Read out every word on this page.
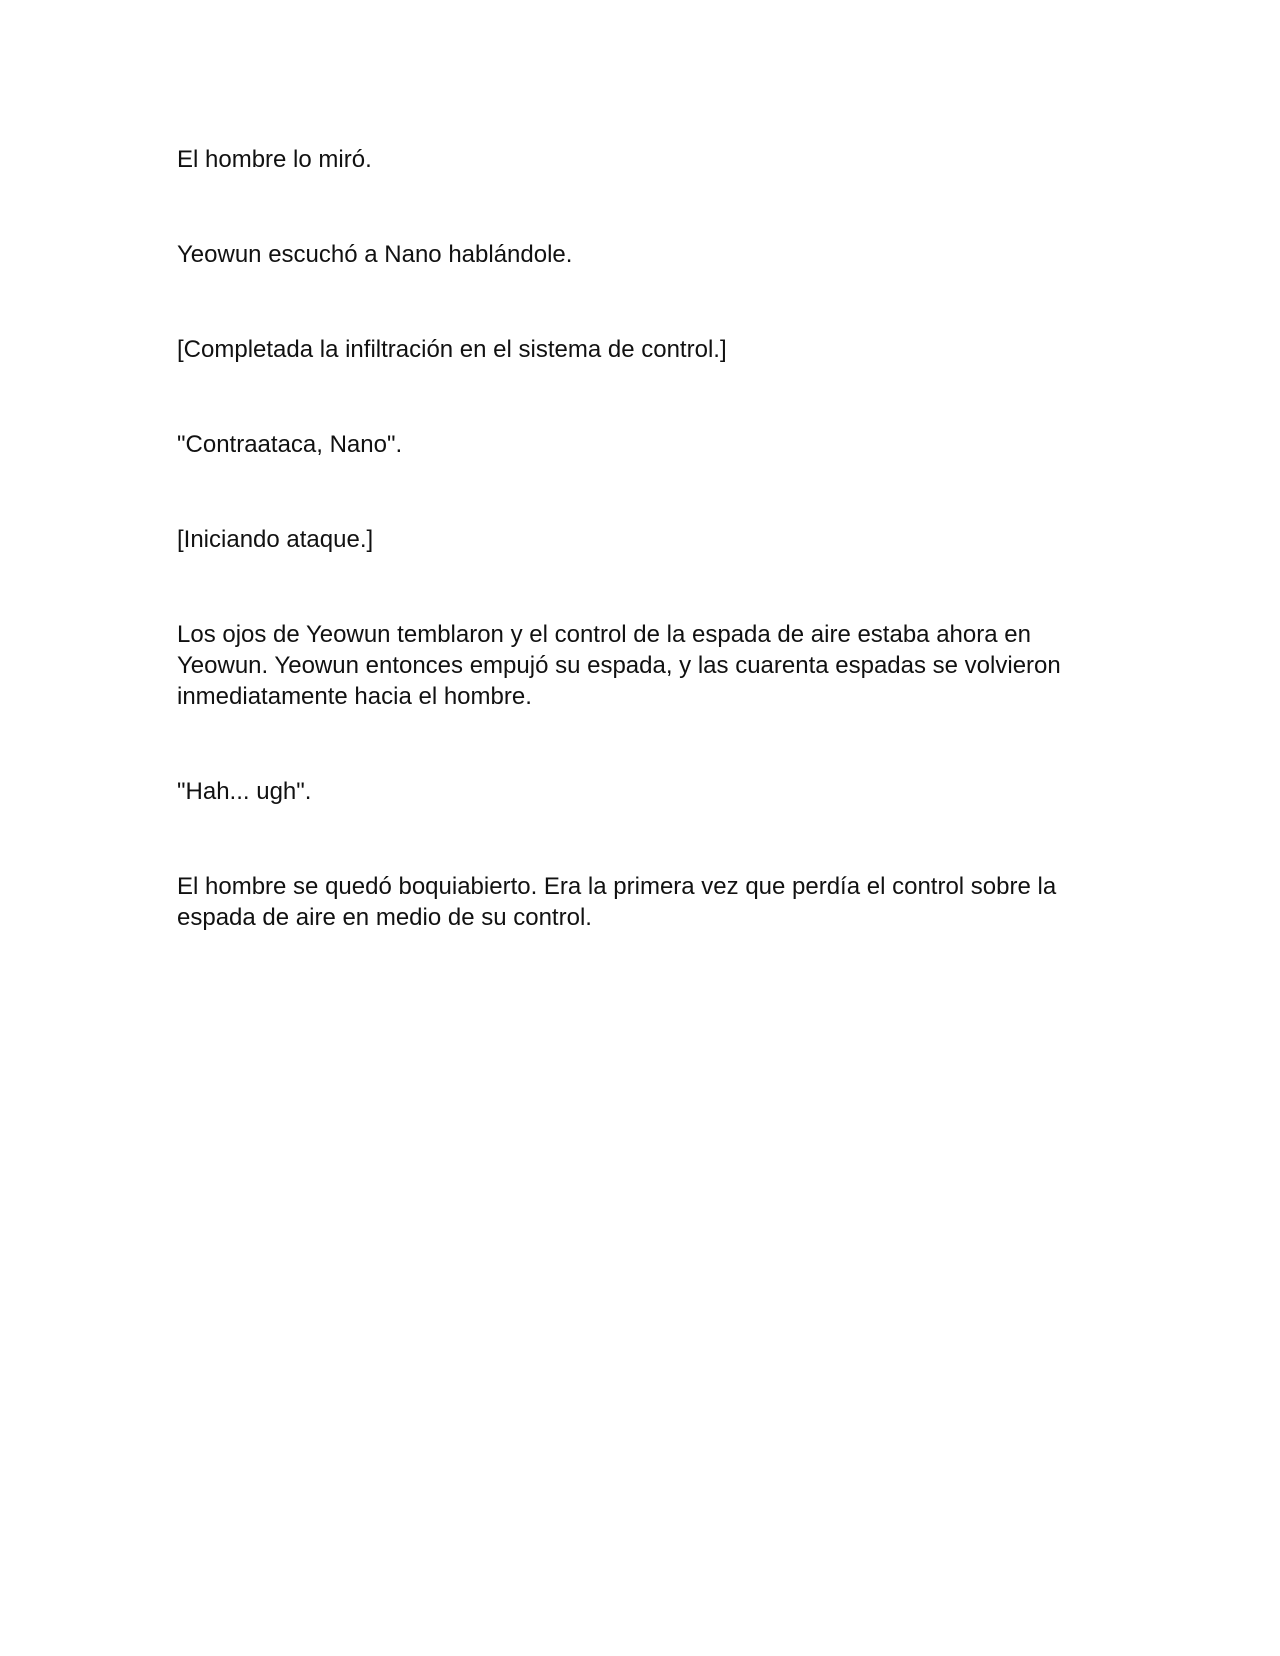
El hombre lo miró.

Yeowun escuchó a Nano hablándole.

[Completada la infiltración en el sistema de control.]

"Contraataca, Nano".

[Iniciando ataque.]

Los ojos de Yeowun temblaron y el control de la espada de aire estaba ahora en Yeowun. Yeowun entonces empujó su espada, y las cuarenta espadas se volvieron inmediatamente hacia el hombre.

"Hah... ugh".

El hombre se quedó boquiabierto. Era la primera vez que perdía el control sobre la espada de aire en medio de su control.
